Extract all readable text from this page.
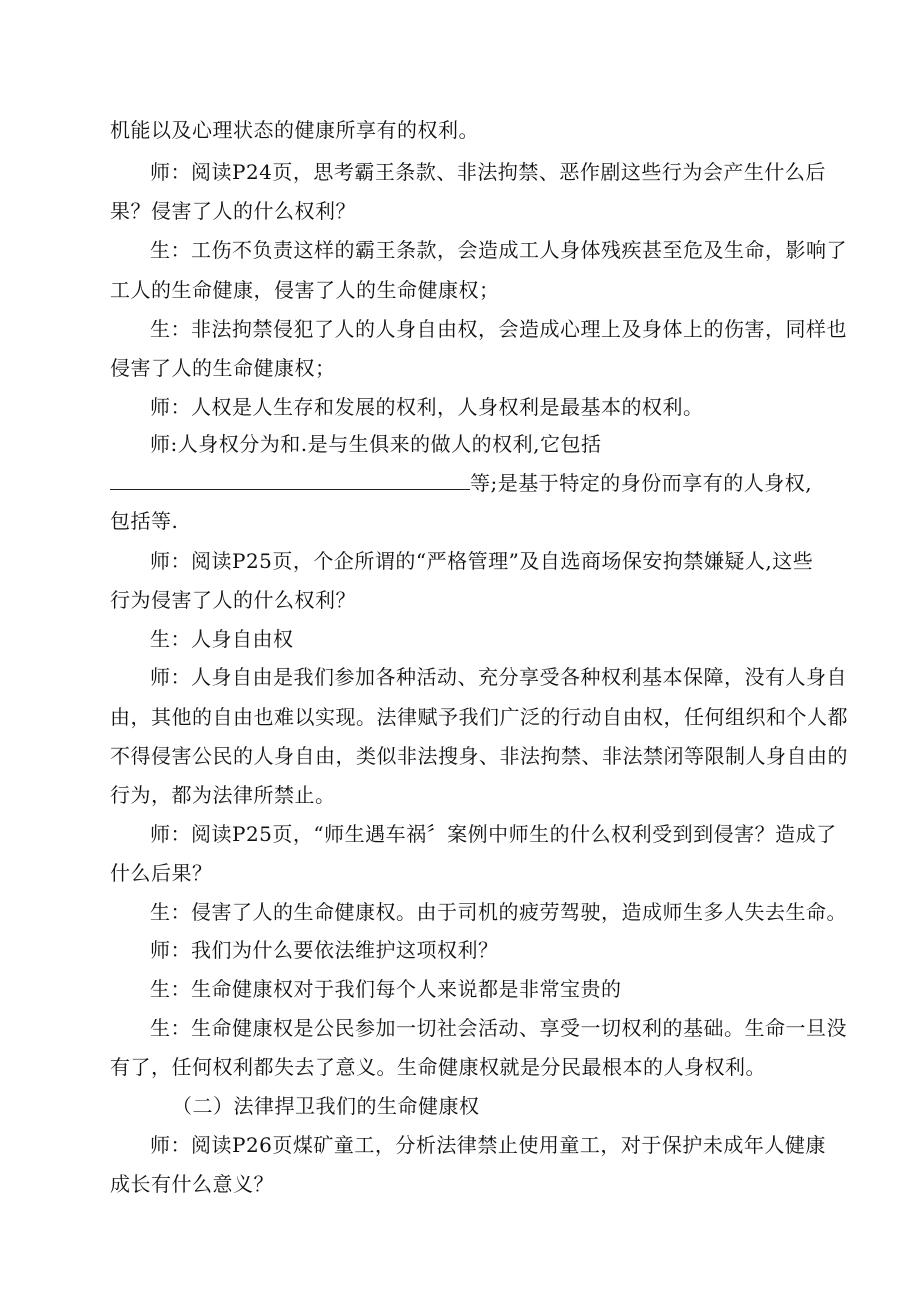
机能以及心理状态的健康所享有的权利。
师：阅读P24页，思考霸王条款、非法拘禁、恶作剧这些行为会产生什么后
果？侵害了人的什么权利？
生：工伤不负责这样的霸王条款，会造成工人身体残疾甚至危及生命，影响了
工人的生命健康，侵害了人的生命健康权；
生：非法拘禁侵犯了人的人身自由权，会造成心理上及身体上的伤害，同样也
侵害了人的生命健康权；
师：人权是人生存和发展的权利，人身权利是最基本的权利。
师:人身权分为和.是与生俱来的做人的权利,它包括
等;是基于特定的身份而享有的人身权,
包括等.
师：阅读P25页，个企所谓的“严格管理”及自选商场保安拘禁嫌疑人,这些
行为侵害了人的什么权利？
生：人身自由权
师：人身自由是我们参加各种活动、充分享受各种权利基本保障，没有人身自
由，其他的自由也难以实现。法律赋予我们广泛的行动自由权，任何组织和个人都
不得侵害公民的人身自由，类似非法搜身、非法拘禁、非法禁闭等限制人身自由的
行为，都为法律所禁止。
师：阅读P25页，“师生遇车祸〞案例中师生的什么权利受到到侵害？造成了
什么后果？
生：侵害了人的生命健康权。由于司机的疲劳驾驶，造成师生多人失去生命。
师：我们为什么要依法维护这项权利？
生：生命健康权对于我们每个人来说都是非常宝贵的
生：生命健康权是公民参加一切社会活动、享受一切权利的基础。生命一旦没
有了，任何权利都失去了意义。生命健康权就是分民最根本的人身权利。
（二）法律捍卫我们的生命健康权
师：阅读P26页煤矿童工，分析法律禁止使用童工，对于保护未成年人健康
成长有什么意义？
